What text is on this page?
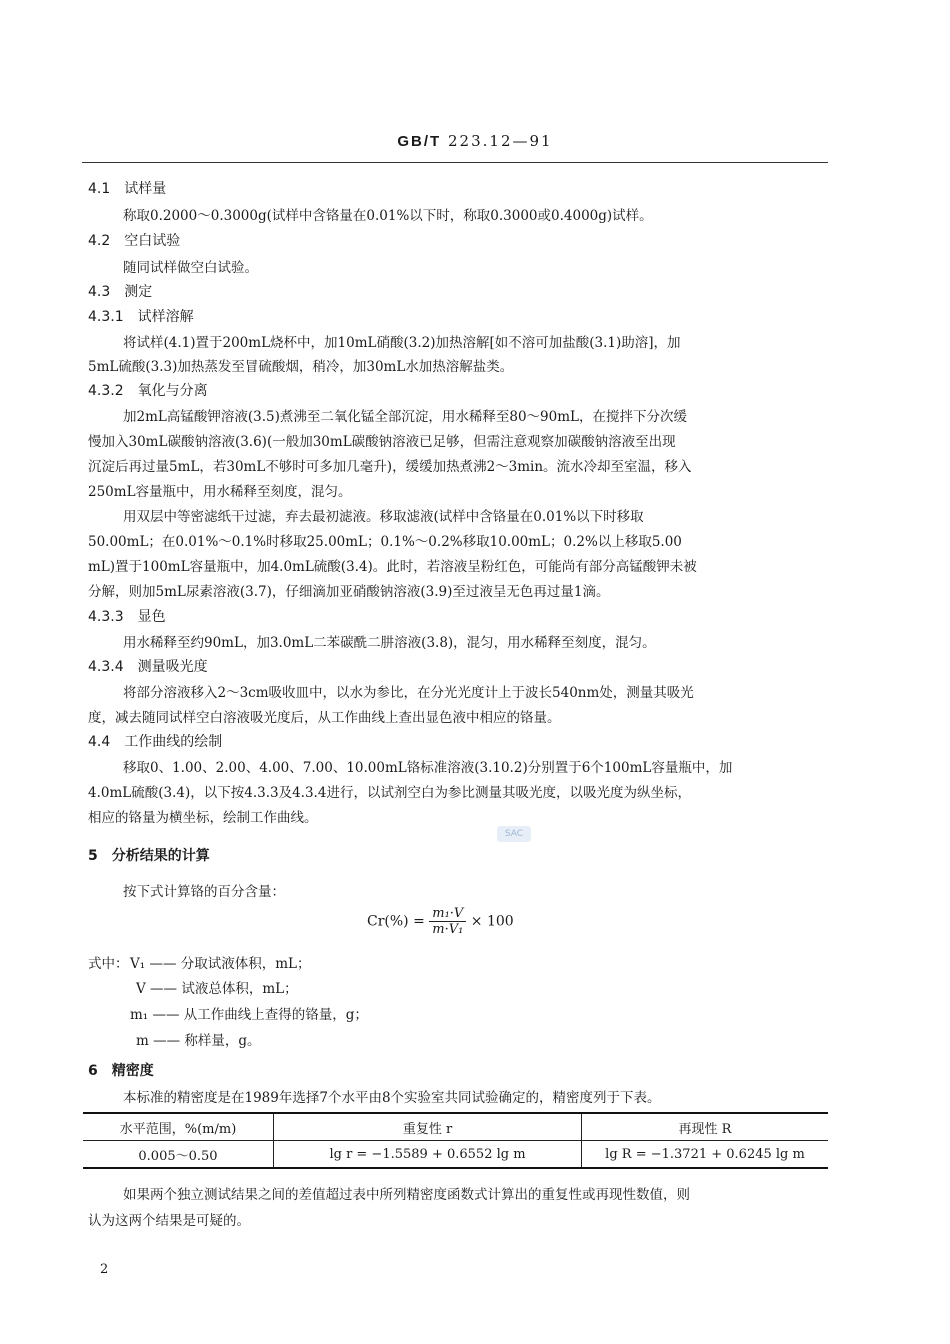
GB/T 223.12—91
4.1　试样量
称取0.2000～0.3000g(试样中含铬量在0.01%以下时，称取0.3000或0.4000g)试样。
4.2　空白试验
随同试样做空白试验。
4.3　测定
4.3.1　试样溶解
将试样(4.1)置于200mL烧杯中，加10mL硝酸(3.2)加热溶解[如不溶可加盐酸(3.1)助溶]，加
5mL硫酸(3.3)加热蒸发至冒硫酸烟，稍冷，加30mL水加热溶解盐类。
4.3.2　氧化与分离
加2mL高锰酸钾溶液(3.5)煮沸至二氧化锰全部沉淀，用水稀释至80～90mL，在搅拌下分次缓
慢加入30mL碳酸钠溶液(3.6)(一般加30mL碳酸钠溶液已足够，但需注意观察加碳酸钠溶液至出现
沉淀后再过量5mL，若30mL不够时可多加几毫升)，缓缓加热煮沸2～3min。流水冷却至室温，移入
250mL容量瓶中，用水稀释至刻度，混匀。
用双层中等密滤纸干过滤，弃去最初滤液。移取滤液(试样中含铬量在0.01%以下时移取
50.00mL；在0.01%～0.1%时移取25.00mL；0.1%～0.2%移取10.00mL；0.2%以上移取5.00
mL)置于100mL容量瓶中，加4.0mL硫酸(3.4)。此时，若溶液呈粉红色，可能尚有部分高锰酸钾未被
分解，则加5mL尿素溶液(3.7)，仔细滴加亚硝酸钠溶液(3.9)至过液呈无色再过量1滴。
4.3.3　显色
用水稀释至约90mL，加3.0mL二苯碳酰二肼溶液(3.8)，混匀，用水稀释至刻度，混匀。
4.3.4　测量吸光度
将部分溶液移入2～3cm吸收皿中，以水为参比，在分光光度计上于波长540nm处，测量其吸光
度，减去随同试样空白溶液吸光度后，从工作曲线上查出显色液中相应的铬量。
4.4　工作曲线的绘制
移取0、1.00、2.00、4.00、7.00、10.00mL铬标准溶液(3.10.2)分别置于6个100mL容量瓶中，加
4.0mL硫酸(3.4)，以下按4.3.3及4.3.4进行，以试剂空白为参比测量其吸光度，以吸光度为纵坐标，
相应的铬量为横坐标，绘制工作曲线。
SAC
5　分析结果的计算
按下式计算铬的百分含量：
$Cr(\%) = \frac{\text{m₁·V}}{\text{m·V₁}} \times 100$
式中： V₁ —— 分取试液体积，mL；
V —— 试液总体积，mL；
m₁ —— 从工作曲线上查得的铬量，g；
m —— 称样量，g。
6　精密度
本标准的精密度是在1989年选择7个水平由8个实验室共同试验确定的，精密度列于下表。
水平范围，%(m/m)	重复性 r	再现性 R
0.005～0.50	lg r = −1.5589 + 0.6552 lg m	lg R = −1.3721 + 0.6245 lg m
如果两个独立测试结果之间的差值超过表中所列精密度函数式计算出的重复性或再现性数值，则
认为这两个结果是可疑的。
2
